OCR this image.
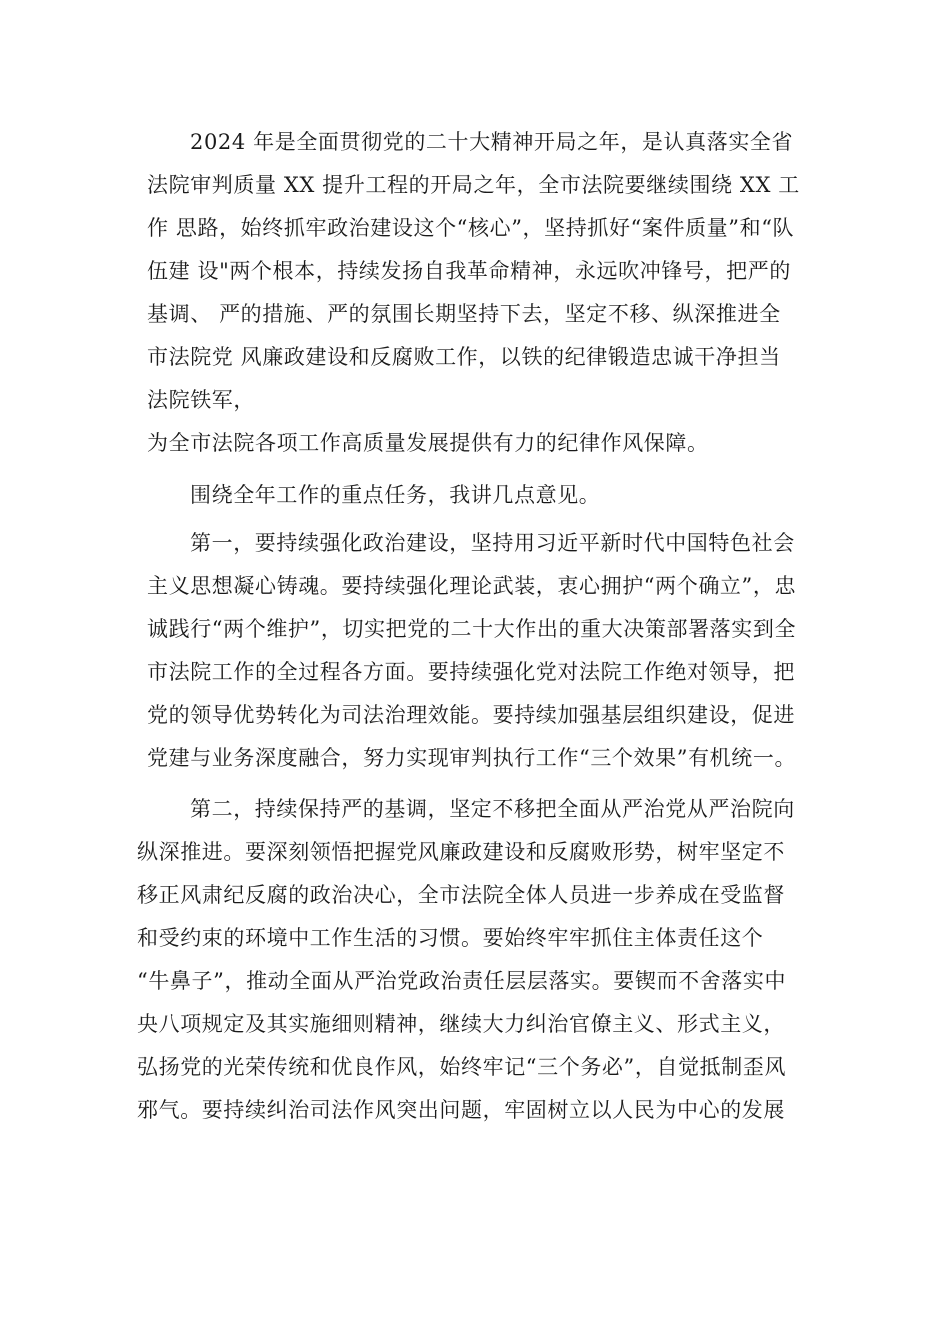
2024 年是全面贯彻党的二十大精神开局之年，是认真落实全省
法院审判质量 XX 提升工程的开局之年，全市法院要继续围绕 XX 工
作 思路，始终抓牢政治建设这个“核心”，坚持抓好“案件质量”和“队
伍建 设"两个根本，持续发扬自我革命精神，永远吹冲锋号，把严的
基调、 严的措施、严的氛围长期坚持下去，坚定不移、纵深推进全
市法院党 风廉政建设和反腐败工作，以铁的纪律锻造忠诚干净担当
法院铁军，
为全市法院各项工作高质量发展提供有力的纪律作风保障。
围绕全年工作的重点任务，我讲几点意见。
第一，要持续强化政治建设，坚持用习近平新时代中国特色社会
主义思想凝心铸魂。要持续强化理论武装，衷心拥护“两个确立”，忠
诚践行“两个维护”，切实把党的二十大作出的重大决策部署落实到全
市法院工作的全过程各方面。要持续强化党对法院工作绝对领导，把
党的领导优势转化为司法治理效能。要持续加强基层组织建设，促进
党建与业务深度融合，努力实现审判执行工作“三个效果”有机统一。
第二，持续保持严的基调，坚定不移把全面从严治党从严治院向
纵深推进。要深刻领悟把握党风廉政建设和反腐败形势，树牢坚定不
移正风肃纪反腐的政治决心，全市法院全体人员进一步养成在受监督
和受约束的环境中工作生活的习惯。要始终牢牢抓住主体责任这个
“牛鼻子”，推动全面从严治党政治责任层层落实。要锲而不舍落实中
央八项规定及其实施细则精神，继续大力纠治官僚主义、形式主义，
弘扬党的光荣传统和优良作风，始终牢记“三个务必”，自觉抵制歪风
邪气。要持续纠治司法作风突出问题，牢固树立以人民为中心的发展
